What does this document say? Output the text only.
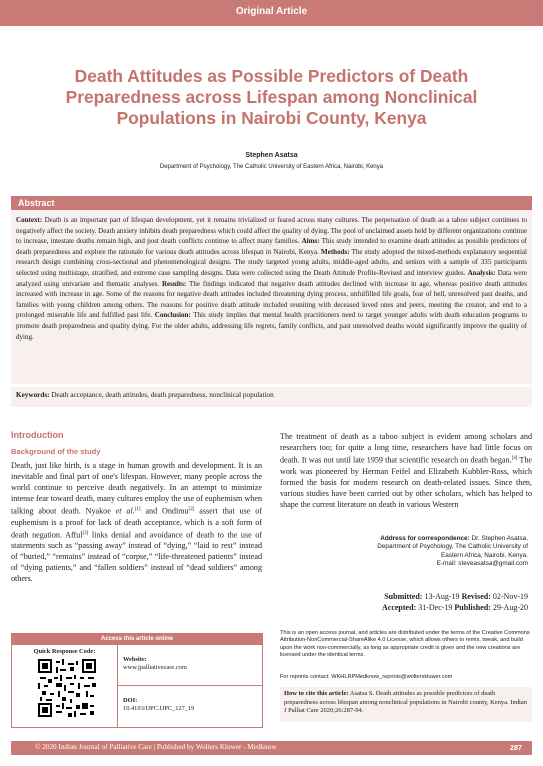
Original Article
Death Attitudes as Possible Predictors of Death Preparedness across Lifespan among Nonclinical Populations in Nairobi County, Kenya
Stephen Asatsa
Department of Psychology, The Catholic University of Eastern Africa, Nairobi, Kenya
Abstract
Context: Death is an important part of lifespan development, yet it remains trivialized or feared across many cultures. The perpetuation of death as a taboo subject continues to negatively affect the society. Death anxiety inhibits death preparedness which could affect the quality of dying. The pool of unclaimed assets held by different organizations continue to increase, intestate deaths remain high, and post death conflicts continue to affect many families. Aims: This study intended to examine death attitudes as possible predictors of death preparedness and explore the rationale for various death attitudes across lifespan in Nairobi, Kenya. Methods: The study adopted the mixed-methods explanatory sequential research design combining cross-sectional and phenomenological designs. The study targeted young adults, middle-aged adults, and seniors with a sample of 335 participants selected using multistage, stratified, and extreme case sampling designs. Data were collected using the Death Attitude Profile-Revised and interview guides. Analysis: Data were analyzed using univariate and thematic analyses. Results: The findings indicated that negative death attitudes declined with increase in age, whereas positive death attitudes increased with increase in age. Some of the reasons for negative death attitudes included threatening dying process, unfulfilled life goals, fear of hell, unresolved past deaths, and families with young children among others. The reasons for positive death attitude included reuniting with deceased loved ones and peers, meeting the creator, and end to a prolonged miserable life and fulfilled past life. Conclusion: This study implies that mental health practitioners need to target younger adults with death education programs to promote death preparedness and quality dying. For the older adults, addressing life regrets, family conflicts, and past unresolved deaths would significantly improve the quality of dying.
Keywords: Death acceptance, death attitudes, death preparedness, nonclinical population
Introduction
Background of the study
Death, just like birth, is a stage in human growth and development. It is an inevitable and final part of one's lifespan. However, many people across the world continue to perceive death negatively. In an attempt to minimize intense fear toward death, many cultures employ the use of euphemism when talking about death. Nyakoe et al.[1] and Ondimu[2] assert that use of euphemism is a proof for lack of death acceptance, which is a soft form of death negation. Afful[3] links denial and avoidance of death to the use of statements such as “passing away” instead of “dying,” “laid to rest” instead of “buried,” “remains” instead of “corpse,” “life-threatened patients” instead of “dying patients,” and “fallen soldiers” instead of “dead soldiers” among others.
The treatment of death as a taboo subject is evident among scholars and researchers too; for quite a long time, researchers have had little focus on death. It was not until late 1959 that scientific research on death began.[4] The work was pioneered by Herman Feifel and Elizabeth Kubbler-Ross, which formed the basis for modern research on death-related issues. Since then, various studies have been carried out by other scholars, which has helped to shape the current literature on death in various Western
Address for correspondence: Dr. Stephen Asatsa,
Department of Psychology, The Catholic University of
Eastern Africa, Nairobi, Kenya.
E-mail: steveasatsa@gmail.com
Submitted: 13-Aug-19 Revised: 02-Nov-19
Accepted: 31-Dec-19 Published: 29-Aug-20
This is an open access journal, and articles are distributed under the terms of the Creative Commons Attribution-NonCommercial-ShareAlike 4.0 License, which allows others to remix, tweak, and build upon the work non-commercially, as long as appropriate credit is given and the new creations are licensed under the identical terms.
For reprints contact: WKHLRPMedknow_reprints@wolterskluwer.com
How to cite this article: Asatsa S. Death attitudes as possible predictors of death preparedness across lifespan among nonclinical populations in Nairobi county, Kenya. Indian J Palliat Care 2020;26:287-94.
Access this article online
Quick Response Code:
Website:
www.jpalliativecare.com
DOI:
10.4103/IJPC.IJPC_127_19
© 2020 Indian Journal of Palliative Care | Published by Wolters Kluwer - Medknow	287
